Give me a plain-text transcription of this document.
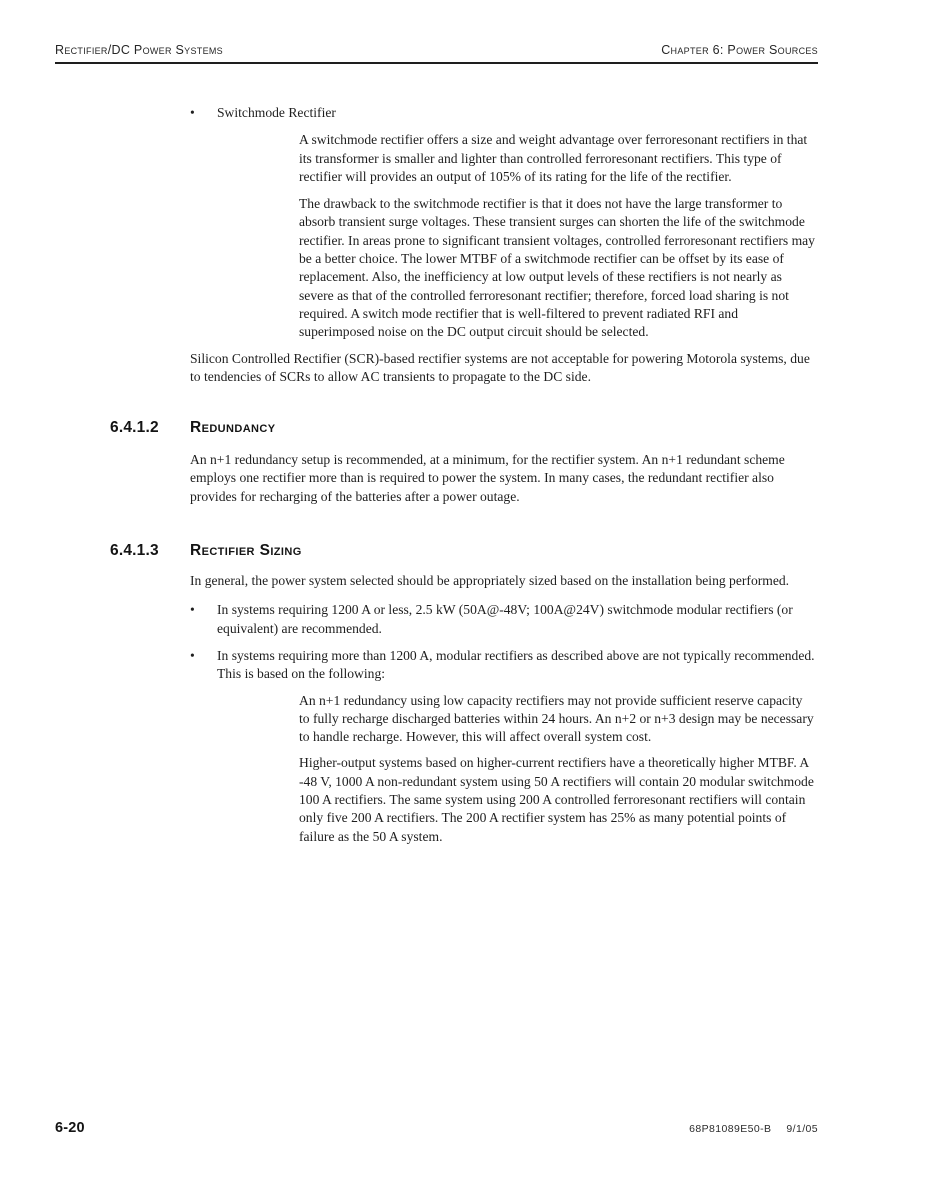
Rectifier/DC Power Systems	Chapter 6: Power Sources
•	Switchmode Rectifier

A switchmode rectifier offers a size and weight advantage over ferroresonant rectifiers in that its transformer is smaller and lighter than controlled ferroresonant rectifiers. This type of rectifier will provides an output of 105% of its rating for the life of the rectifier.

The drawback to the switchmode rectifier is that it does not have the large transformer to absorb transient surge voltages. These transient surges can shorten the life of the switchmode rectifier. In areas prone to significant transient voltages, controlled ferroresonant rectifiers may be a better choice. The lower MTBF of a switchmode rectifier can be offset by its ease of replacement. Also, the inefficiency at low output levels of these rectifiers is not nearly as severe as that of the controlled ferroresonant rectifier; therefore, forced load sharing is not required. A switch mode rectifier that is well-filtered to prevent radiated RFI and superimposed noise on the DC output circuit should be selected.

Silicon Controlled Rectifier (SCR)-based rectifier systems are not acceptable for powering Motorola systems, due to tendencies of SCRs to allow AC transients to propagate to the DC side.

6.4.1.2	Redundancy

An n+1 redundancy setup is recommended, at a minimum, for the rectifier system. An n+1 redundant scheme employs one rectifier more than is required to power the system. In many cases, the redundant rectifier also provides for recharging of the batteries after a power outage.

6.4.1.3	Rectifier Sizing

In general, the power system selected should be appropriately sized based on the installation being performed.

•	In systems requiring 1200 A or less, 2.5 kW (50A@-48V; 100A@24V) switchmode modular rectifiers (or equivalent) are recommended.
•	In systems requiring more than 1200 A, modular rectifiers as described above are not typically recommended. This is based on the following:

An n+1 redundancy using low capacity rectifiers may not provide sufficient reserve capacity to fully recharge discharged batteries within 24 hours. An n+2 or n+3 design may be necessary to handle recharge. However, this will affect overall system cost.

Higher-output systems based on higher-current rectifiers have a theoretically higher MTBF. A -48 V, 1000 A non-redundant system using 50 A rectifiers will contain 20 modular switchmode 100 A rectifiers. The same system using 200 A controlled ferroresonant rectifiers will contain only five 200 A rectifiers. The 200 A rectifier system has 25% as many potential points of failure as the 50 A system.

6-20	68P81089E50-B 9/1/05
